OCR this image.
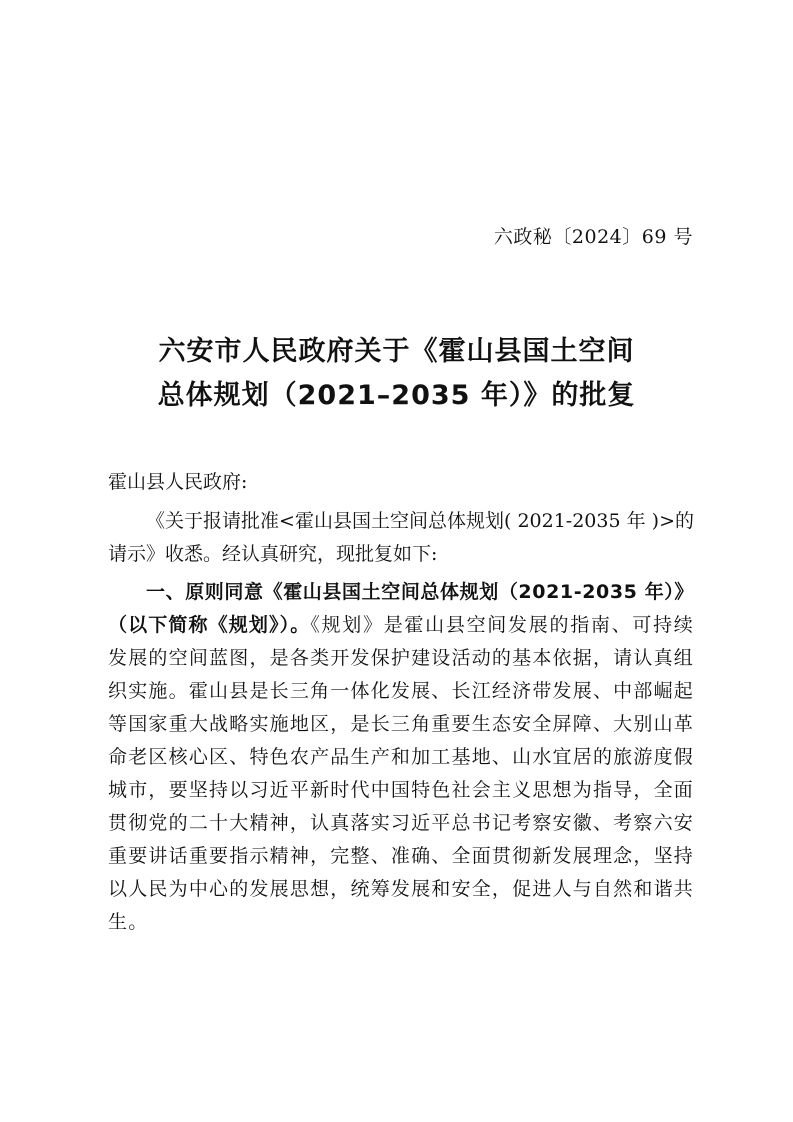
六政秘〔2024〕69 号
六安市人民政府关于《霍山县国土空间
总体规划（2021–2035 年）》的批复

霍山县人民政府:

《关于报请批准<霍山县国土空间总体规划( 2021-2035 年 )>的请示》收悉。经认真研究，现批复如下:

一、原则同意《霍山县国土空间总体规划（2021-2035 年）》（以下简称《规划》）。《规划》是霍山县空间发展的指南、可持续发展的空间蓝图，是各类开发保护建设活动的基本依据，请认真组织实施。霍山县是长三角一体化发展、长江经济带发展、中部崛起等国家重大战略实施地区，是长三角重要生态安全屏障、大别山革命老区核心区、特色农产品生产和加工基地、山水宜居的旅游度假城市，要坚持以习近平新时代中国特色社会主义思想为指导，全面贯彻党的二十大精神，认真落实习近平总书记考察安徽、考察六安重要讲话重要指示精神，完整、准确、全面贯彻新发展理念，坚持以人民为中心的发展思想，统筹发展和安全，促进人与自然和谐共生。
